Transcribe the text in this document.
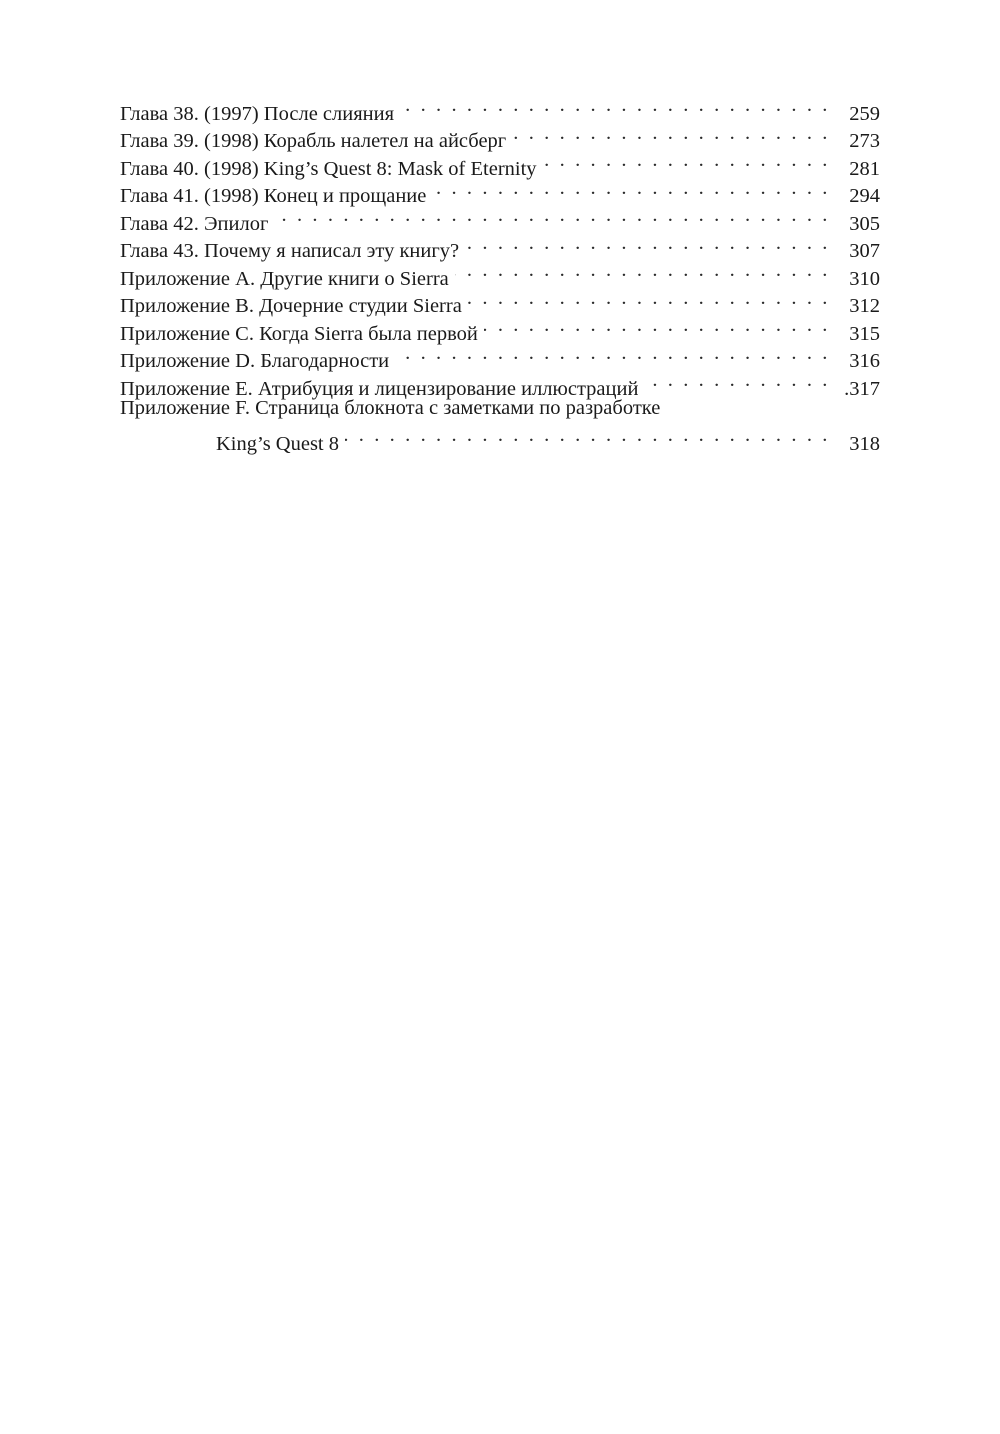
Глава 38. (1997) После слияния . . .	259
Глава 39. (1998) Корабль налетел на айсберг . . .	273
Глава 40. (1998) King’s Quest 8: Mask of Eternity . . .	281
Глава 41. (1998) Конец и прощание . . .	294
Глава 42. Эпилог . . .	305
Глава 43. Почему я написал эту книгу? . . .	307
Приложение A. Другие книги о Sierra . . .	310
Приложение B. Дочерние студии Sierra . . .	312
Приложение C. Когда Sierra была первой . . .	315
Приложение D. Благодарности . . .	316
Приложение E. Атрибуция и лицензирование иллюстраций . . .	.317
Приложение F. Страница блокнота с заметками по разработке
King’s Quest 8 . . .	318
